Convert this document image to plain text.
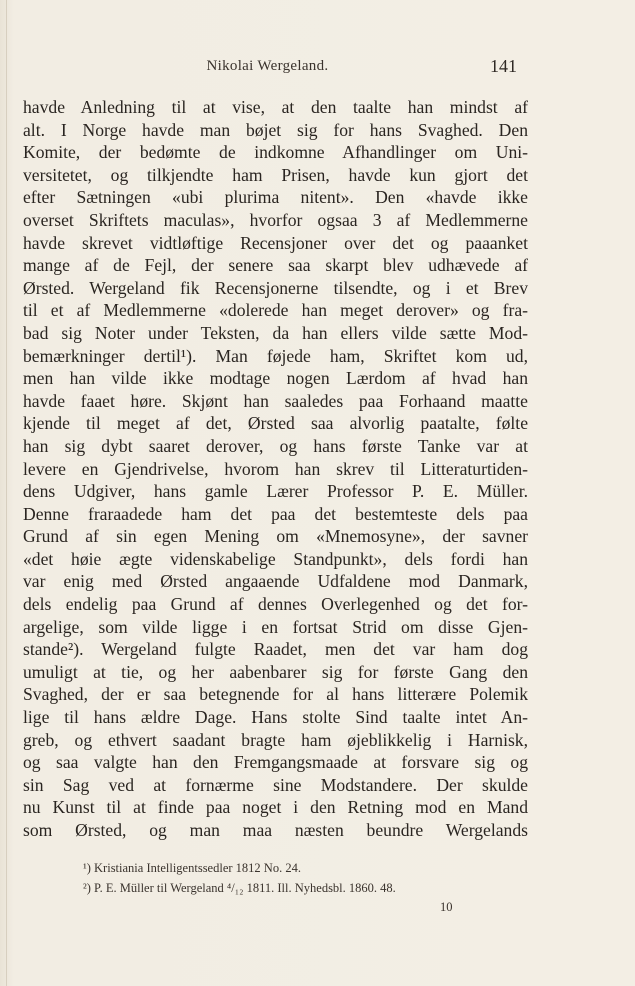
Nikolai Wergeland.	141
havde Anledning til at vise, at den taalte han mindst af
alt. I Norge havde man bøjet sig for hans Svaghed. Den
Komite, der bedømte de indkomne Afhandlinger om Uni-
versitetet, og tilkjendte ham Prisen, havde kun gjort det
efter Sætningen «ubi plurima nitent». Den «havde ikke
overset Skriftets maculas», hvorfor ogsaa 3 af Medlemmerne
havde skrevet vidtløftige Recensjoner over det og paaanket
mange af de Fejl, der senere saa skarpt blev udhævede af
Ørsted. Wergeland fik Recensjonerne tilsendte, og i et Brev
til et af Medlemmerne «dolerede han meget derover» og fra-
bad sig Noter under Teksten, da han ellers vilde sætte Mod-
bemærkninger dertil¹). Man føjede ham, Skriftet kom ud,
men han vilde ikke modtage nogen Lærdom af hvad han
havde faaet høre. Skjønt han saaledes paa Forhaand maatte
kjende til meget af det, Ørsted saa alvorlig paatalte, følte
han sig dybt saaret derover, og hans første Tanke var at
levere en Gjendrivelse, hvorom han skrev til Litteraturtiden-
dens Udgiver, hans gamle Lærer Professor P. E. Müller.
Denne fraraadede ham det paa det bestemteste dels paa
Grund af sin egen Mening om «Mnemosyne», der savner
«det høie ægte videnskabelige Standpunkt», dels fordi han
var enig med Ørsted angaaende Udfaldene mod Danmark,
dels endelig paa Grund af dennes Overlegenhed og det for-
argelige, som vilde ligge i en fortsat Strid om disse Gjen-
stande²). Wergeland fulgte Raadet, men det var ham dog
umuligt at tie, og her aabenbarer sig for første Gang den
Svaghed, der er saa betegnende for al hans litterære Polemik
lige til hans ældre Dage. Hans stolte Sind taalte intet An-
greb, og ethvert saadant bragte ham øjeblikkelig i Harnisk,
og saa valgte han den Fremgangsmaade at forsvare sig og
sin Sag ved at fornærme sine Modstandere. Der skulde
nu Kunst til at finde paa noget i den Retning mod en Mand
som Ørsted, og man maa næsten beundre Wergelands
¹) Kristiania Intelligentssedler 1812 No. 24.
²) P. E. Müller til Wergeland ⁴/₁₂ 1811. Ill. Nyhedsbl. 1860. 48.
10
